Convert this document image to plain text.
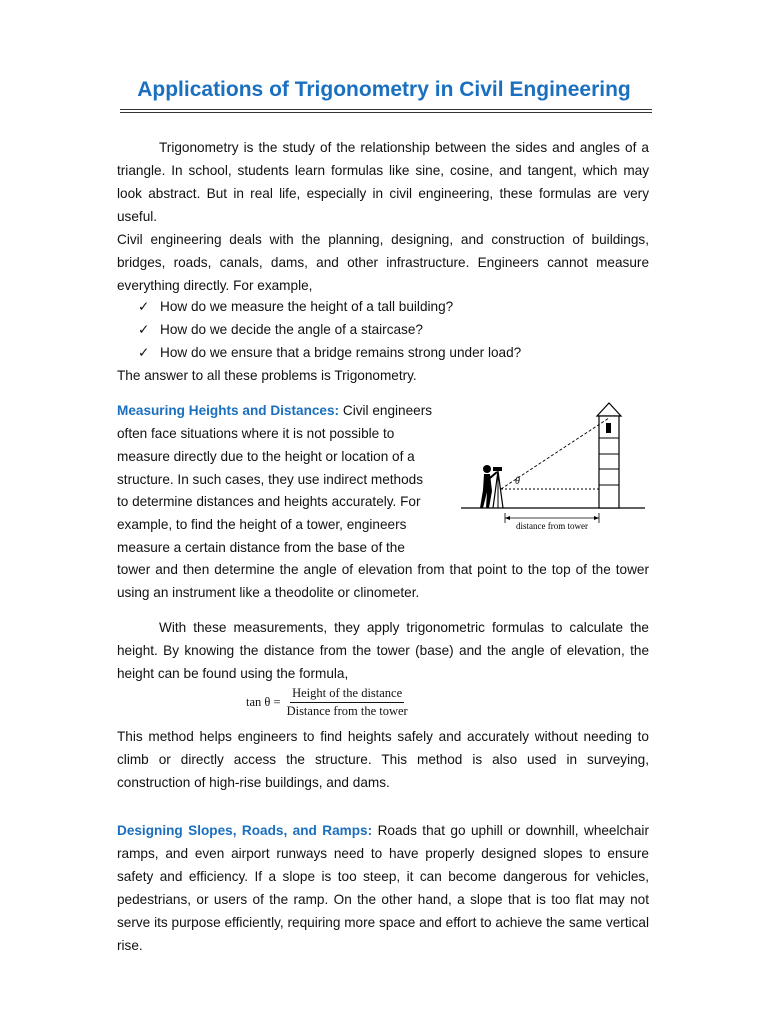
Applications of Trigonometry in Civil Engineering

Trigonometry is the study of the relationship between the sides and angles of a triangle. In school, students learn formulas like sine, cosine, and tangent, which may look abstract. But in real life, especially in civil engineering, these formulas are very useful.

Civil engineering deals with the planning, designing, and construction of buildings, bridges, roads, canals, dams, and other infrastructure. Engineers cannot measure everything directly. For example,

✓ How do we measure the height of a tall building?
✓ How do we decide the angle of a staircase?
✓ How do we ensure that a bridge remains strong under load?

The answer to all these problems is Trigonometry.

Measuring Heights and Distances: Civil engineers

often face situations where it is not possible to

measure directly due to the height or location of a

structure. In such cases, they use indirect methods

to determine distances and heights accurately. For

example, to find the height of a tower, engineers

measure a certain distance from the base of the

tower and then determine the angle of elevation from that point to the top of the tower using an instrument like a theodolite or clinometer.

θ
distance from tower

With these measurements, they apply trigonometric formulas to calculate the height. By knowing the distance from the tower (base) and the angle of elevation, the height can be found using the formula,

$\tan \theta = \frac{\text{Height of the distance}}{\text{Distance from the tower}}$

This method helps engineers to find heights safely and accurately without needing to climb or directly access the structure. This method is also used in surveying, construction of high-rise buildings, and dams.

Designing Slopes, Roads, and Ramps: Roads that go uphill or downhill, wheelchair ramps, and even airport runways need to have properly designed slopes to ensure safety and efficiency. If a slope is too steep, it can become dangerous for vehicles, pedestrians, or users of the ramp. On the other hand, a slope that is too flat may not serve its purpose efficiently, requiring more space and effort to achieve the same vertical rise.
